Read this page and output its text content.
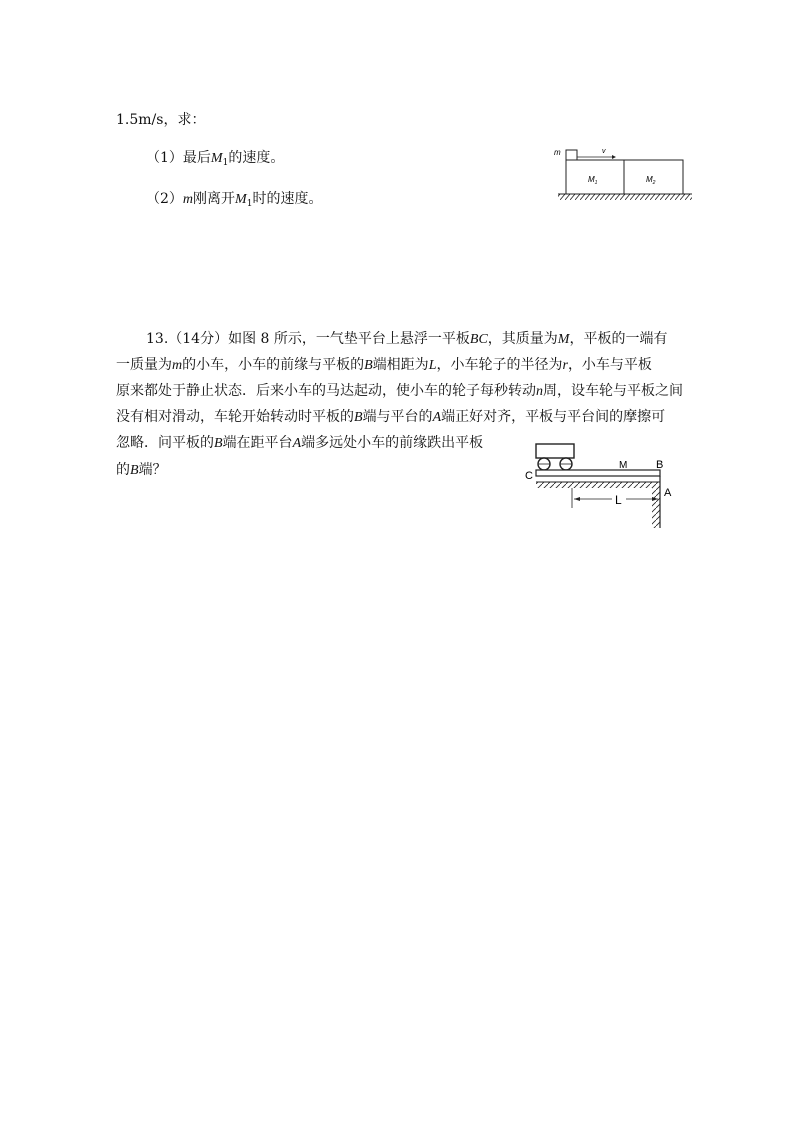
1.5m/s，求：
（1）最后$M_1$的速度。
（2）m刚离开$M_1$时的速度。
m	v
$M_1$	$M_2$
13.（14分）如图 8 所示，一气垫平台上悬浮一平板BC，其质量为M，平板的一端有
一质量为m的小车，小车的前缘与平板的B端相距为L，小车轮子的半径为r，小车与平板
原来都处于静止状态．后来小车的马达起动，使小车的轮子每秒转动n周，设车轮与平板之间
没有相对滑动，车轮开始转动时平板的B端与平台的A端正好对齐，平板与平台间的摩擦可
忽略．问平板的B端在距平台A端多远处小车的前缘跌出平板
的B端？	C
M	B
A
L
